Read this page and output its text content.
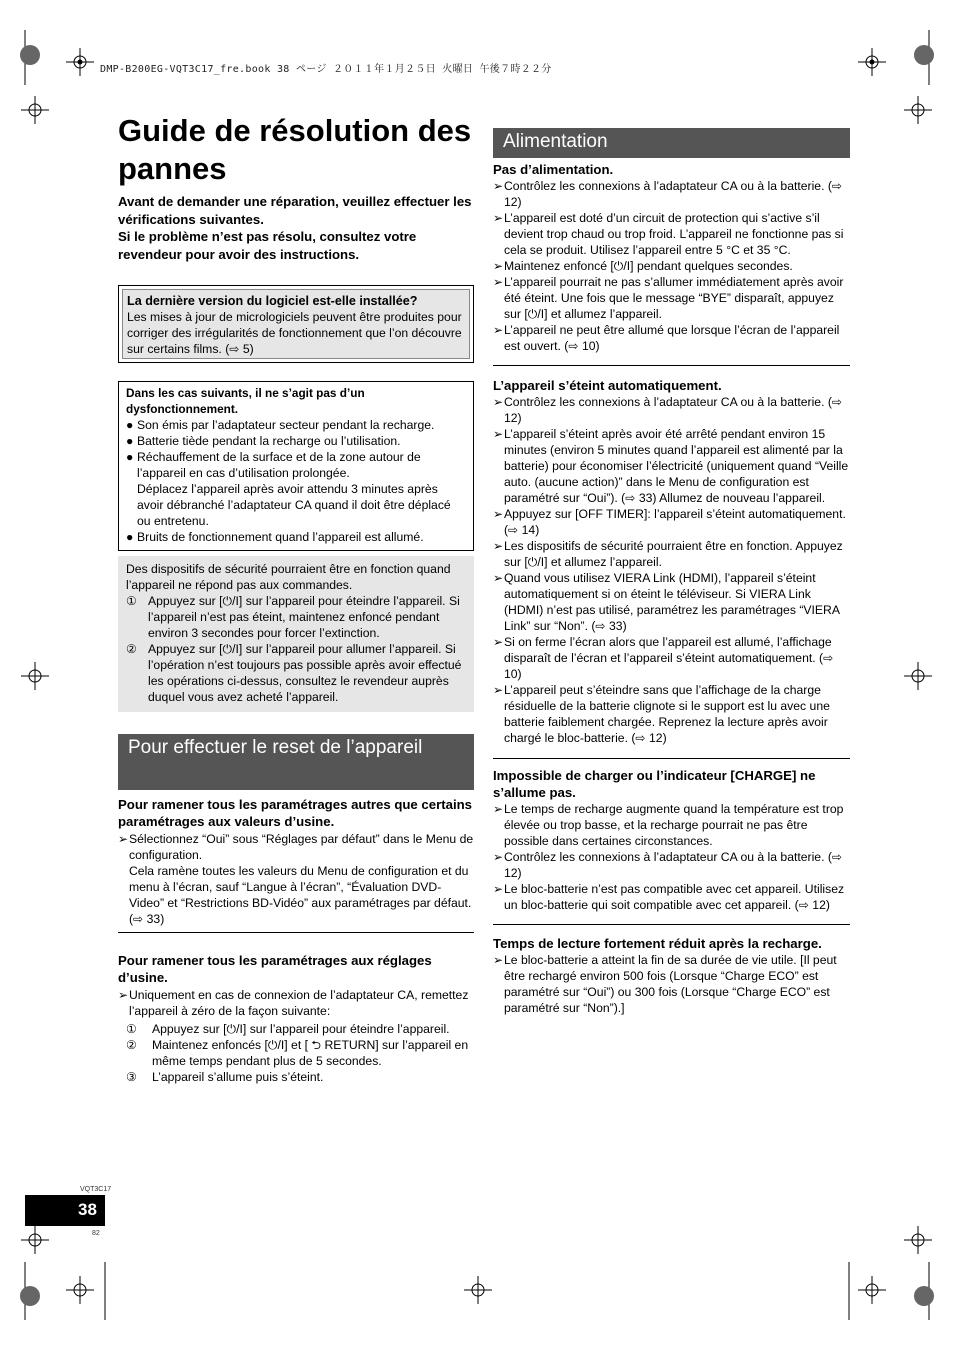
DMP-B200EG-VQT3C17_fre.book 38 ページ ２０１１年１月２５日 火曜日 午後７時２２分
Guide de résolution des pannes

Avant de demander une réparation, veuillez effectuer les vérifications suivantes.

Si le problème n’est pas résolu, consultez votre revendeur pour avoir des instructions.

La dernière version du logiciel est-elle installée?
Les mises à jour de micrologiciels peuvent être produites pour corriger des irrégularités de fonctionnement que l’on découvre sur certains films. (⇨ 5)
Dans les cas suivants, il ne s’agit pas d’un dysfonctionnement.
● Son émis par l’adaptateur secteur pendant la recharge.
● Batterie tiède pendant la recharge ou l’utilisation.
● Réchauffement de la surface et de la zone autour de l’appareil en cas d’utilisation prolongée.
Déplacez l’appareil après avoir attendu 3 minutes après avoir débranché l’adaptateur CA quand il doit être déplacé ou entretenu.
● Bruits de fonctionnement quand l’appareil est allumé.
Des dispositifs de sécurité pourraient être en fonction quand l’appareil ne répond pas aux commandes.
① Appuyez sur [⏻/I] sur l’appareil pour éteindre l’appareil. Si l’appareil n’est pas éteint, maintenez enfoncé pendant environ 3 secondes pour forcer l’extinction.
② Appuyez sur [⏻/I] sur l’appareil pour allumer l’appareil. Si l’opération n’est toujours pas possible après avoir effectué les opérations ci-dessus, consultez le revendeur auprès duquel vous avez acheté l’appareil.
Pour effectuer le reset de l’appareil
Pour ramener tous les paramétrages autres que certains paramétrages aux valeurs d’usine.
➢ Sélectionnez “Oui” sous “Réglages par défaut” dans le Menu de configuration.
Cela ramène toutes les valeurs du Menu de configuration et du menu à l’écran, sauf “Langue à l’écran”, “Évaluation DVD-Video” et “Restrictions BD-Vidéo” aux paramétrages par défaut. (⇨ 33)
Pour ramener tous les paramétrages aux réglages d’usine.
➢ Uniquement en cas de connexion de l’adaptateur CA, remettez l’appareil à zéro de la façon suivante:
① Appuyez sur [⏻/I] sur l’appareil pour éteindre l’appareil.
② Maintenez enfoncés [⏻/I] et [ ⮌ RETURN] sur l’appareil en même temps pendant plus de 5 secondes.
③ L’appareil s’allume puis s’éteint.
Alimentation
Pas d’alimentation.
➢ Contrôlez les connexions à l’adaptateur CA ou à la batterie. (⇨ 12)
➢ L’appareil est doté d’un circuit de protection qui s’active s’il devient trop chaud ou trop froid. L’appareil ne fonctionne pas si cela se produit. Utilisez l’appareil entre 5 °C et 35 °C.
➢ Maintenez enfoncé [⏻/I] pendant quelques secondes.
➢ L’appareil pourrait ne pas s’allumer immédiatement après avoir été éteint. Une fois que le message “BYE” disparaît, appuyez sur [⏻/I] et allumez l’appareil.
➢ L’appareil ne peut être allumé que lorsque l’écran de l’appareil est ouvert. (⇨ 10)
L’appareil s’éteint automatiquement.
➢ Contrôlez les connexions à l’adaptateur CA ou à la batterie. (⇨ 12)
➢ L’appareil s’éteint après avoir été arrêté pendant environ 15 minutes (environ 5 minutes quand l’appareil est alimenté par la batterie) pour économiser l’électricité (uniquement quand “Veille auto. (aucune action)” dans le Menu de configuration est paramétré sur “Oui”). (⇨ 33) Allumez de nouveau l’appareil.
➢ Appuyez sur [OFF TIMER]: l’appareil s’éteint automatiquement. (⇨ 14)
➢ Les dispositifs de sécurité pourraient être en fonction. Appuyez sur [⏻/I] et allumez l’appareil.
➢ Quand vous utilisez VIERA Link (HDMI), l’appareil s’éteint automatiquement si on éteint le téléviseur. Si VIERA Link (HDMI) n’est pas utilisé, paramétrez les paramétrages “VIERA Link” sur “Non”. (⇨ 33)
➢ Si on ferme l’écran alors que l’appareil est allumé, l’affichage disparaît de l’écran et l’appareil s’éteint automatiquement. (⇨ 10)
➢ L’appareil peut s’éteindre sans que l’affichage de la charge résiduelle de la batterie clignote si le support est lu avec une batterie faiblement chargée. Reprenez la lecture après avoir chargé le bloc-batterie. (⇨ 12)
Impossible de charger ou l’indicateur [CHARGE] ne s’allume pas.
➢ Le temps de recharge augmente quand la température est trop élevée ou trop basse, et la recharge pourrait ne pas être possible dans certaines circonstances.
➢ Contrôlez les connexions à l’adaptateur CA ou à la batterie. (⇨ 12)
➢ Le bloc-batterie n’est pas compatible avec cet appareil. Utilisez un bloc-batterie qui soit compatible avec cet appareil. (⇨ 12)
Temps de lecture fortement réduit après la recharge.
➢ Le bloc-batterie a atteint la fin de sa durée de vie utile. [Il peut être rechargé environ 500 fois (Lorsque “Charge ECO” est paramétré sur “Oui”) ou 300 fois (Lorsque “Charge ECO” est paramétré sur “Non”).]
VQT3C17
38
82
